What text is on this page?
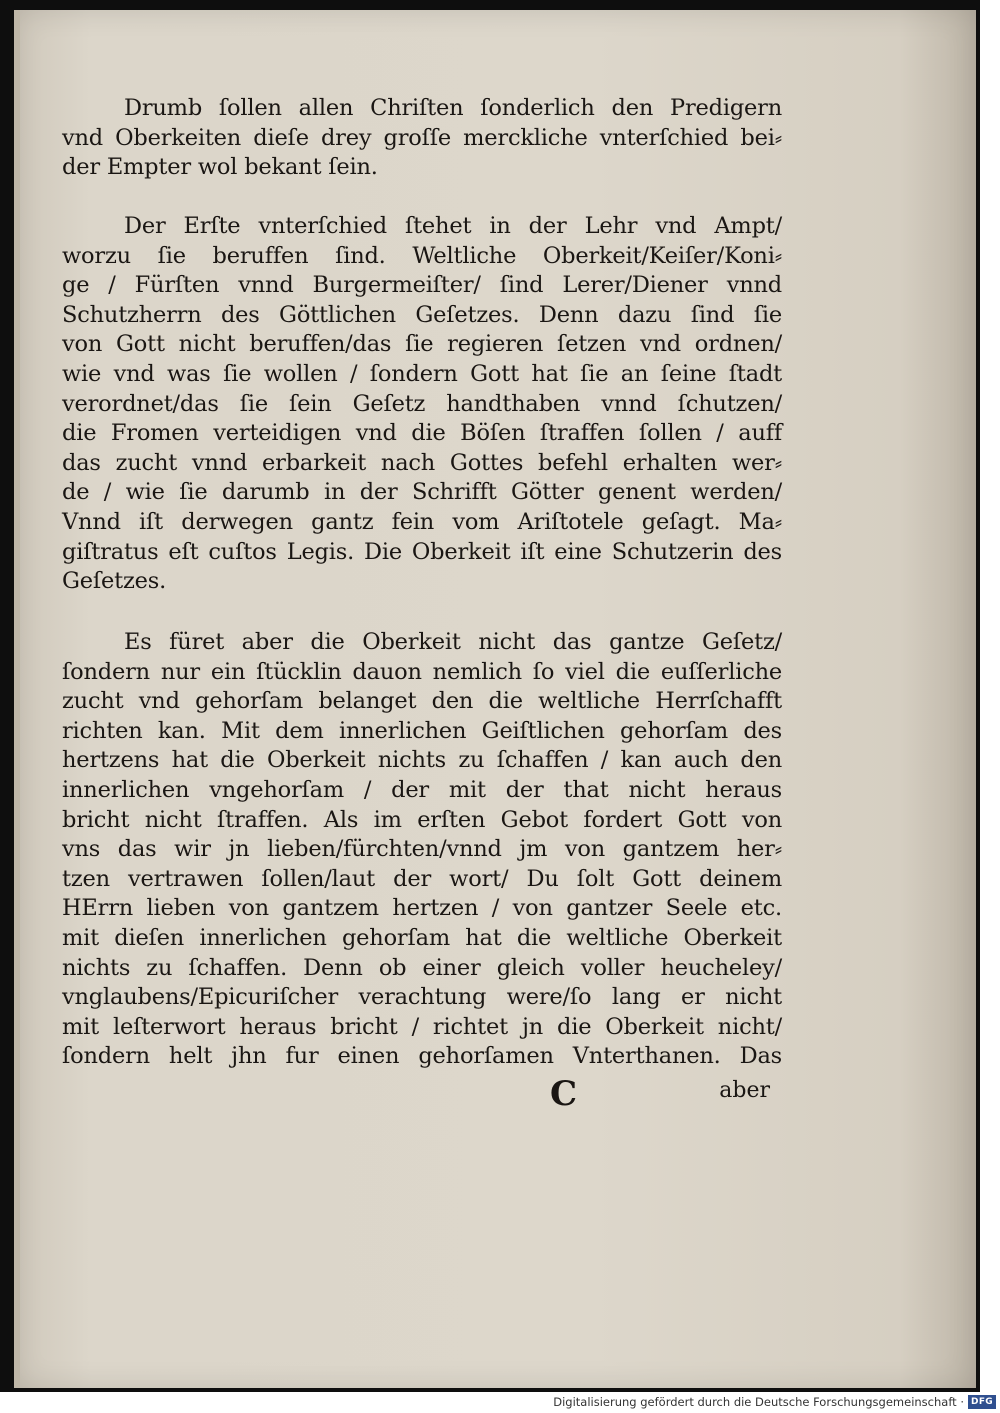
Drumb ſollen allen Chriſten ſonderlich den Predigern
vnd Oberkeiten dieſe drey groſſe merckliche vnterſchied bei⸗
der Empter wol bekant ſein.
Der Erſte vnterſchied ſtehet in der Lehr vnd Ampt/
worzu ſie beruffen ſind. Weltliche Oberkeit/Keiſer/Koni⸗
ge / Fürſten vnnd Burgermeiſter/ ſind Lerer/Diener vnnd
Schutzherrn des Göttlichen Geſetzes. Denn dazu ſind ſie
von Gott nicht beruffen/das ſie regieren ſetzen vnd ordnen/
wie vnd was ſie wollen / ſondern Gott hat ſie an ſeine ſtadt
verordnet/das ſie ſein Geſetz handthaben vnnd ſchutzen/
die Fromen verteidigen vnd die Böſen ſtraffen ſollen / auff
das zucht vnnd erbarkeit nach Gottes befehl erhalten wer⸗
de / wie ſie darumb in der Schrifft Götter genent werden/
Vnnd iſt derwegen gantz fein vom Ariſtotele geſagt. Ma⸗
giſtratus eſt cuſtos Legis. Die Oberkeit iſt eine Schutzerin des
Geſetzes.
Es füret aber die Oberkeit nicht das gantze Geſetz/
ſondern nur ein ſtücklin dauon nemlich ſo viel die euſſerliche
zucht vnd gehorſam belanget den die weltliche Herrſchafft
richten kan. Mit dem innerlichen Geiſtlichen gehorſam des
hertzens hat die Oberkeit nichts zu ſchaffen / kan auch den
innerlichen vngehorſam / der mit der that nicht heraus
bricht nicht ſtraffen. Als im erſten Gebot fordert Gott von
vns das wir jn lieben/fürchten/vnnd jm von gantzem her⸗
tzen vertrawen ſollen/laut der wort/ Du ſolt Gott deinem
HErrn lieben von gantzem hertzen / von gantzer Seele etc.
mit dieſen innerlichen gehorſam hat die weltliche Oberkeit
nichts zu ſchaffen. Denn ob einer gleich voller heucheley/
vnglaubens/Epicuriſcher verachtung were/ſo lang er nicht
mit leſterwort heraus bricht / richtet jn die Oberkeit nicht/
ſondern helt jhn fur einen gehorſamen Vnterthanen. Das
C	aber
Digitalisierung gefördert durch die Deutsche Forschungsgemeinschaft · DFG
